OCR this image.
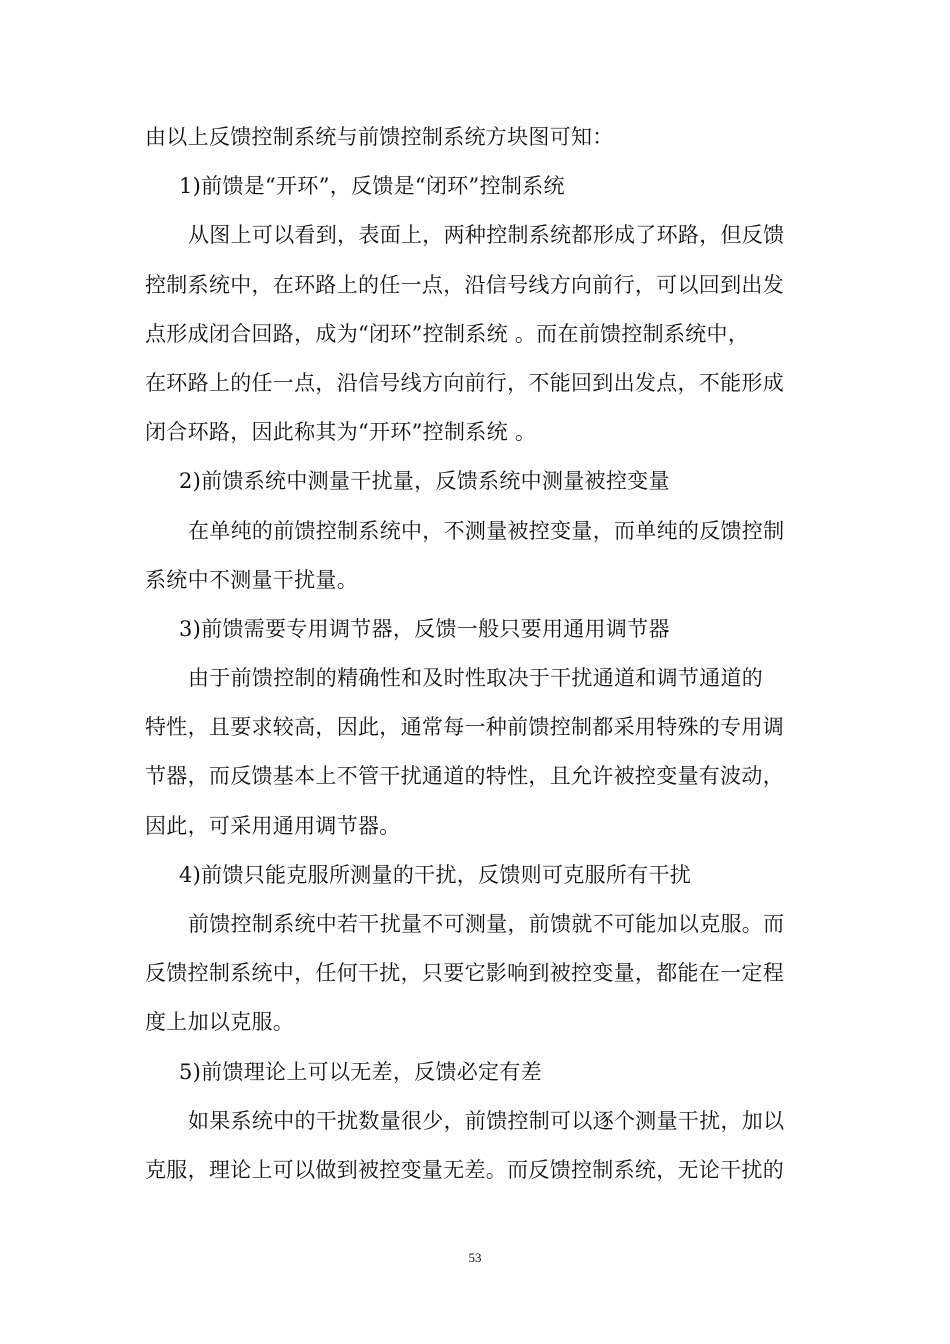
由以上反馈控制系统与前馈控制系统方块图可知：
1)前馈是“开环”，反馈是“闭环”控制系统
从图上可以看到，表面上，两种控制系统都形成了环路，但反馈
控制系统中，在环路上的任一点，沿信号线方向前行，可以回到出发
点形成闭合回路，成为“闭环”控制系统 。而在前馈控制系统中，
在环路上的任一点，沿信号线方向前行，不能回到出发点，不能形成
闭合环路，因此称其为“开环”控制系统 。
2)前馈系统中测量干扰量，反馈系统中测量被控变量
在单纯的前馈控制系统中，不测量被控变量，而单纯的反馈控制
系统中不测量干扰量。
3)前馈需要专用调节器，反馈一般只要用通用调节器
由于前馈控制的精确性和及时性取决于干扰通道和调节通道的
特性，且要求较高，因此，通常每一种前馈控制都采用特殊的专用调
节器，而反馈基本上不管干扰通道的特性，且允许被控变量有波动，
因此，可采用通用调节器。
4)前馈只能克服所测量的干扰，反馈则可克服所有干扰
前馈控制系统中若干扰量不可测量，前馈就不可能加以克服。而
反馈控制系统中，任何干扰，只要它影响到被控变量，都能在一定程
度上加以克服。
5)前馈理论上可以无差，反馈必定有差
如果系统中的干扰数量很少，前馈控制可以逐个测量干扰，加以
克服，理论上可以做到被控变量无差。而反馈控制系统，无论干扰的
53
